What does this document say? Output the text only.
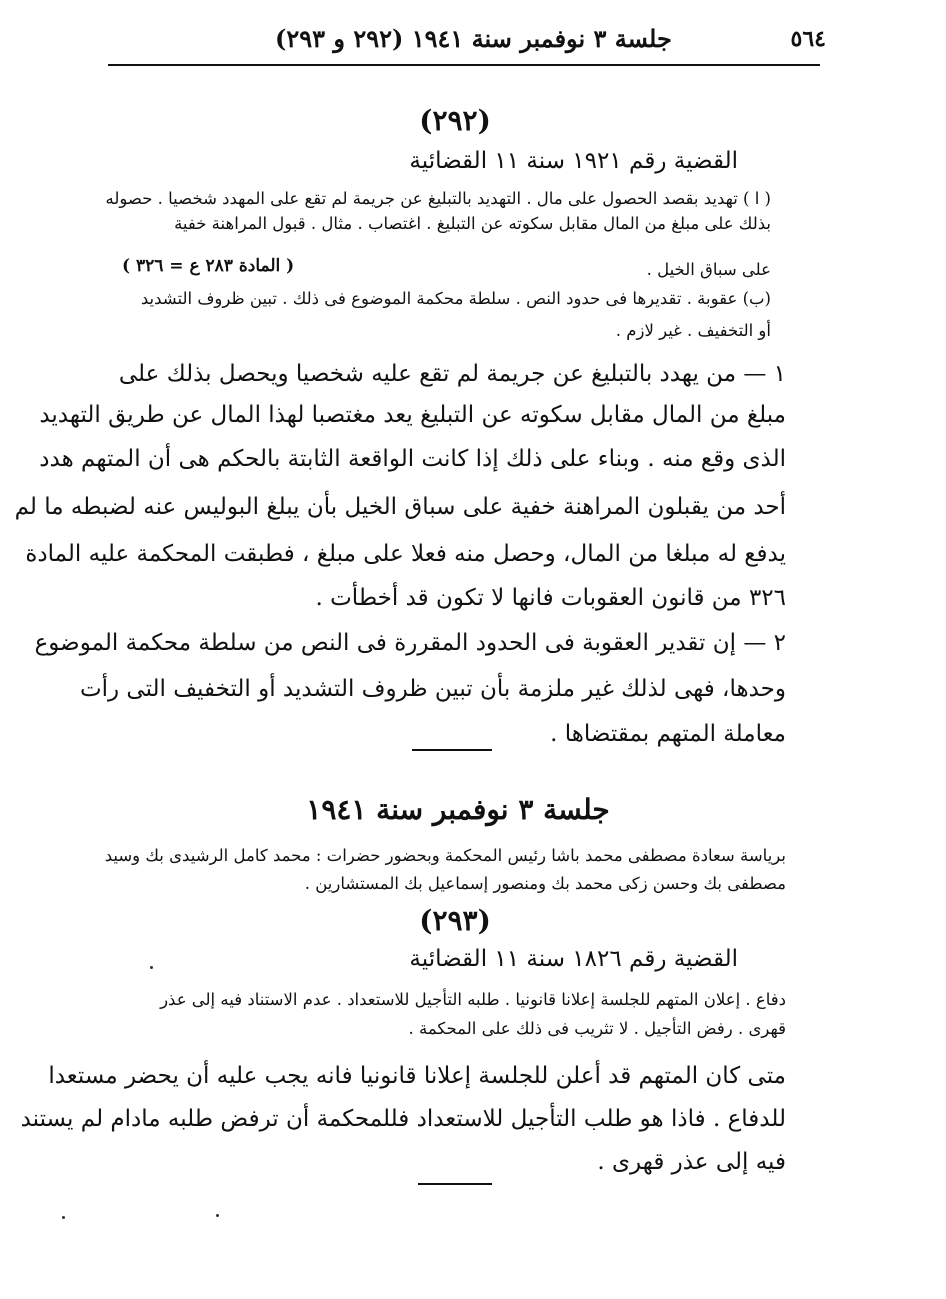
٥٦٤
جلسة ٣ نوفمبر سنة ١٩٤١ (٢٩٢ و ٢٩٣)
(٢٩٢)
القضية رقم ١٩٢١ سنة ١١ القضائية
( ا ) تهديد بقصد الحصول على مال . التهديد بالتبليغ عن جريمة لم تقع على المهدد شخصيا . حصوله
بذلك على مبلغ من المال مقابل سكوته عن التبليغ . اغتصاب . مثال . قبول المراهنة خفية
على سباق الخيل .
( المادة ٢٨٣ ع = ٣٢٦ )
(ب) عقوبة . تقديرها فى حدود النص . سلطة محكمة الموضوع فى ذلك . تبين ظروف التشديد
أو التخفيف . غير لازم .
١ — من يهدد بالتبليغ عن جريمة لم تقع عليه شخصيا ويحصل بذلك على
مبلغ من المال مقابل سكوته عن التبليغ يعد مغتصبا لهذا المال عن طريق التهديد
الذى وقع منه . وبناء على ذلك إذا كانت الواقعة الثابتة بالحكم هى أن المتهم هدد
أحد من يقبلون المراهنة خفية على سباق الخيل بأن يبلغ البوليس عنه لضبطه ما لم
يدفع له مبلغا من المال، وحصل منه فعلا على مبلغ ، فطبقت المحكمة عليه المادة
٣٢٦ من قانون العقوبات فانها لا تكون قد أخطأت .
٢ — إن تقدير العقوبة فى الحدود المقررة فى النص من سلطة محكمة الموضوع
وحدها، فهى لذلك غير ملزمة بأن تبين ظروف التشديد أو التخفيف التى رأت
معاملة المتهم بمقتضاها .
جلسة ٣ نوفمبر سنة ١٩٤١
برياسة سعادة مصطفى محمد باشا رئيس المحكمة وبحضور حضرات : محمد كامل الرشيدى بك وسيد
مصطفى بك وحسن زكى محمد بك ومنصور إسماعيل بك المستشارين .
(٢٩٣)
القضية رقم ١٨٢٦ سنة ١١ القضائية
دفاع . إعلان المتهم للجلسة إعلانا قانونيا . طلبه التأجيل للاستعداد . عدم الاستناد فيه إلى عذر
قهرى . رفض التأجيل . لا تثريب فى ذلك على المحكمة .
متى كان المتهم قد أعلن للجلسة إعلانا قانونيا فانه يجب عليه أن يحضر مستعدا
للدفاع . فاذا هو طلب التأجيل للاستعداد فللمحكمة أن ترفض طلبه مادام لم يستند
فيه إلى عذر قهرى .
